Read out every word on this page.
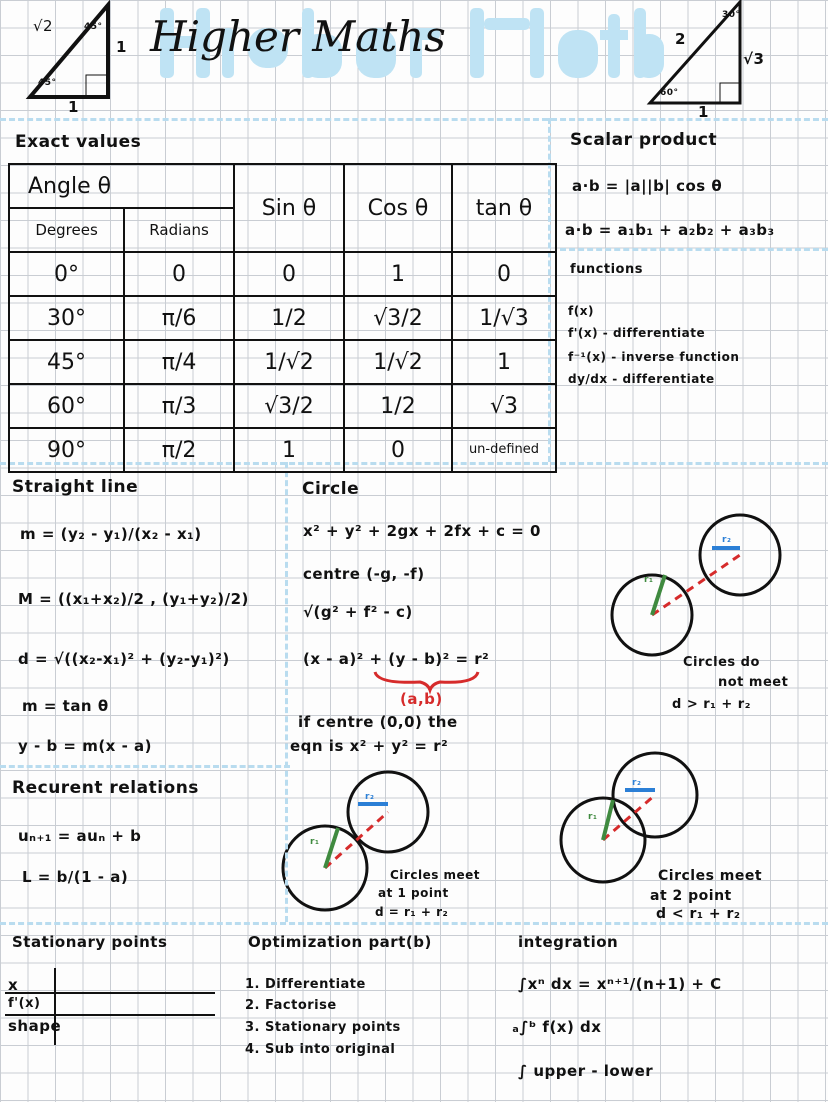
Higher Maths
√2
1
1
45°
45°
2
√3
1
30°
60°
Exact values
Angle θ		Sin θ	Cos θ	tan θ
Degrees	Radians			
0°	0	0	1	0
30°	π/6	1/2	√3/2	1/√3
45°	π/4	1/√2	1/√2	1
60°	π/3	√3/2	1/2	√3
90°	π/2	1	0	un-defined
Scalar product
a·b = |a||b| cos θ
a·b = a₁b₁ + a₂b₂ + a₃b₃
functions
f(x)
f'(x) - differentiate
f⁻¹(x) - inverse function
dy/dx - differentiate
Straight line
m = (y₂ - y₁)/(x₂ - x₁)
M = ((x₁+x₂)/2 , (y₁+y₂)/2)
d = √((x₂-x₁)² + (y₂-y₁)²)
m = tan θ
y - b = m(x - a)
Circle
x² + y² + 2gx + 2fx + c = 0
centre (-g, -f)
√(g² + f² - c)
(x - a)² + (y - b)² = r²
(a,b)
if centre (0,0) the
eqn is x² + y² = r²
r₁
r₂
Circles do
not meet
d > r₁ + r₂
r₁
r₂
Circles meet
at 1 point
d = r₁ + r₂
r₁
r₂
Circles meet
at 2 point
d < r₁ + r₂
Recurent relations
uₙ₊₁ = auₙ + b
L = b/(1 - a)
Stationary points
x
f'(x)
shape
Optimization part(b)
1. Differentiate
2. Factorise
3. Stationary points
4. Sub into original
integration
∫xⁿ dx = xⁿ⁺¹/(n+1) + C
ₐ∫ᵇ f(x) dx
∫ upper - lower
